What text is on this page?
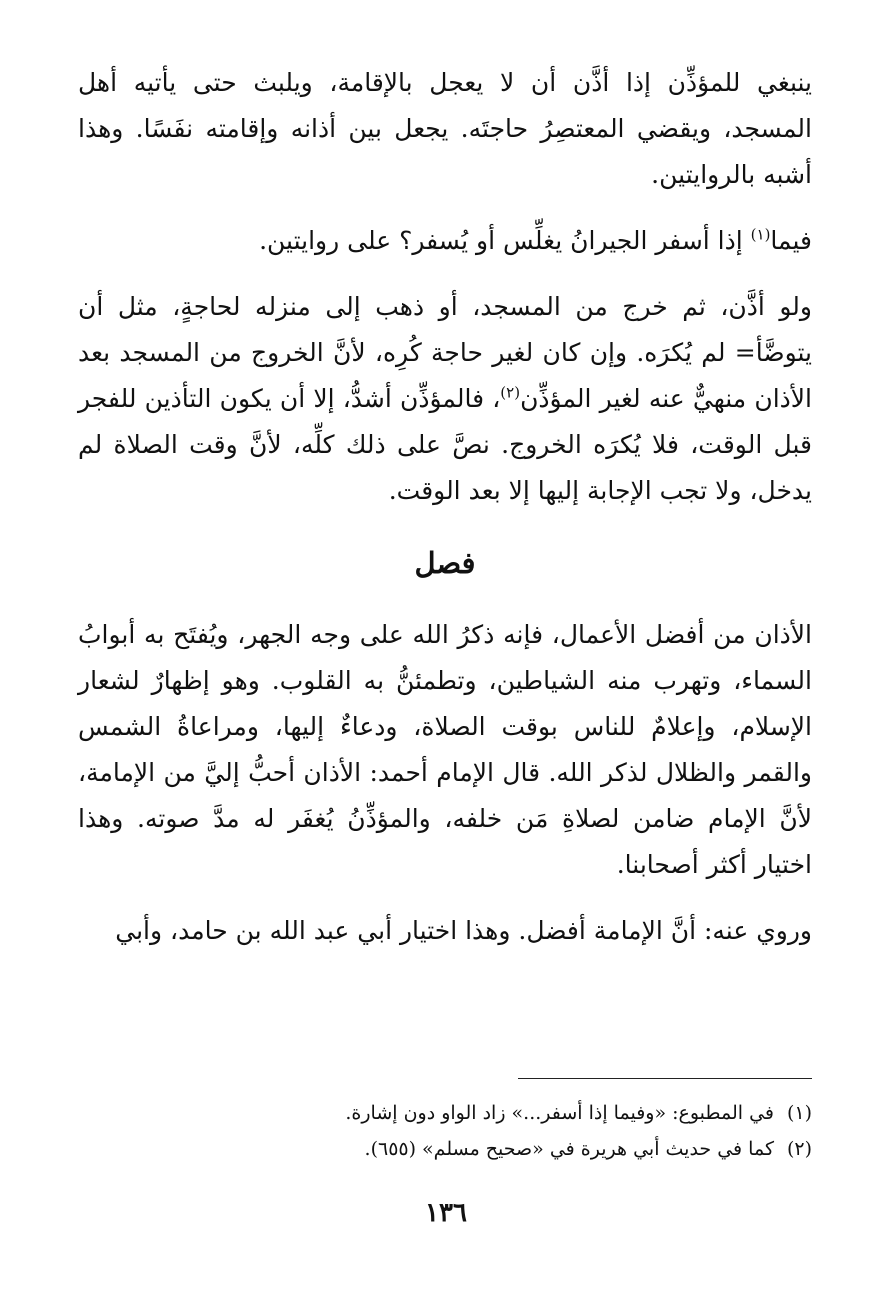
ينبغي للمؤذِّن إذا أذَّن أن لا يعجل بالإقامة، ويلبث حتى يأتيه أهل المسجد، ويقضي المعتصِرُ حاجتَه. يجعل بين أذانه وإقامته نفَسًا. وهذا أشبه بالروايتين.

فيما$^{(١)}$ إذا أسفر الجيرانُ يغلِّس أو يُسفر؟ على روايتين.

ولو أذَّن، ثم خرج من المسجد، أو ذهب إلى منزله لحاجةٍ، مثل أن يتوضَّأ= لم يُكرَه. وإن كان لغير حاجة كُرِه، لأنَّ الخروج من المسجد بعد الأذان منهيٌّ عنه لغير المؤذِّن$^{(٢)}$، فالمؤذِّن أشدُّ، إلا أن يكون التأذين للفجر قبل الوقت، فلا يُكرَه الخروج. نصَّ على ذلك كلِّه، لأنَّ وقت الصلاة لم يدخل، ولا تجب الإجابة إليها إلا بعد الوقت.

فصل

الأذان من أفضل الأعمال، فإنه ذكرُ الله على وجه الجهر، ويُفتَح به أبوابُ السماء، وتهرب منه الشياطين، وتطمئنُّ به القلوب. وهو إظهارٌ لشعار الإسلام، وإعلامٌ للناس بوقت الصلاة، ودعاءٌ إليها، ومراعاةُ الشمس والقمر والظلال لذكر الله. قال الإمام أحمد: الأذان أحبُّ إليَّ من الإمامة، لأنَّ الإمام ضامن لصلاةِ مَن خلفه، والمؤذِّنُ يُغفَر له مدَّ صوته. وهذا اختيار أكثر أصحابنا.

وروي عنه: أنَّ الإمامة أفضل. وهذا اختيار أبي عبد الله بن حامد، وأبي

(١)في المطبوع: «وفيما إذا أسفر...» زاد الواو دون إشارة.

(٢)كما في حديث أبي هريرة في «صحيح مسلم» (٦٥٥).

١٣٦
